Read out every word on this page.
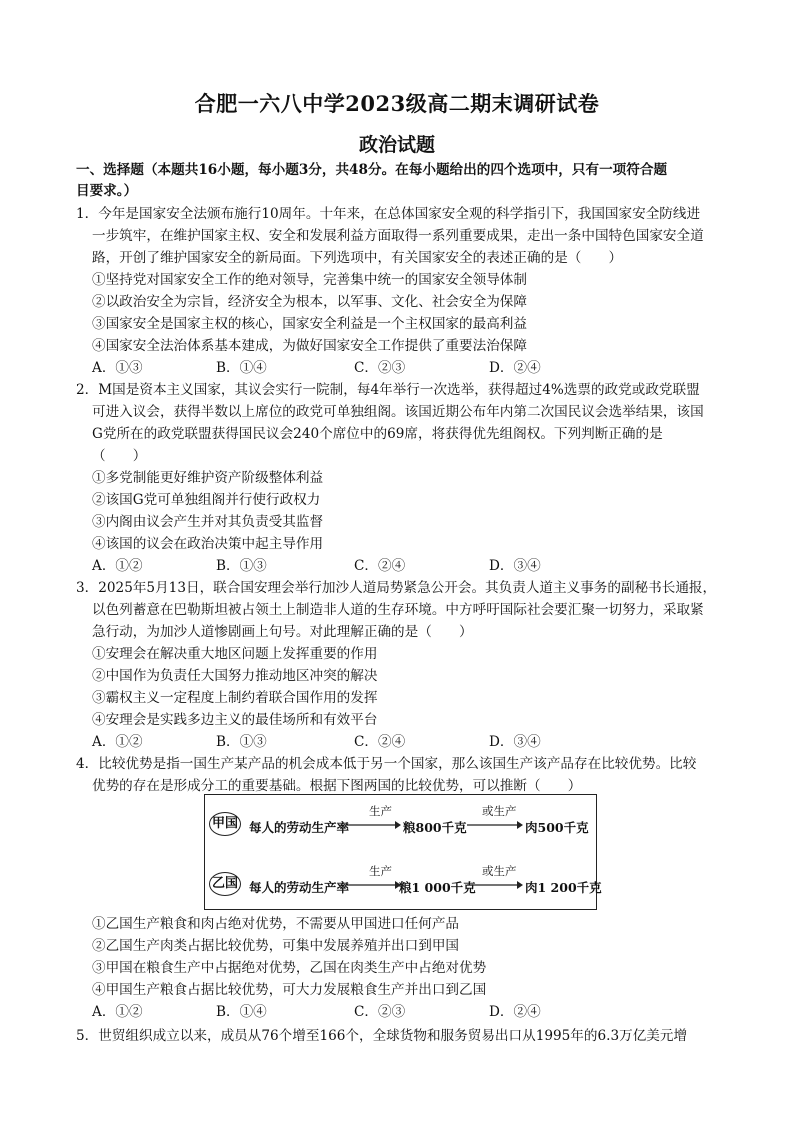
合肥一六八中学2023级高二期末调研试卷
政治试题
一、选择题（本题共16小题，每小题3分，共48分。在每小题给出的四个选项中，只有一项符合题
目要求。）
1．今年是国家安全法颁布施行10周年。十年来，在总体国家安全观的科学指引下，我国国家安全防线进
一步筑牢，在维护国家主权、安全和发展利益方面取得一系列重要成果，走出一条中国特色国家安全道
路，开创了维护国家安全的新局面。下列选项中，有关国家安全的表述正确的是（　　）
①坚持党对国家安全工作的绝对领导，完善集中统一的国家安全领导体制
②以政治安全为宗旨，经济安全为根本，以军事、文化、社会安全为保障
③国家安全是国家主权的核心，国家安全利益是一个主权国家的最高利益
④国家安全法治体系基本建成，为做好国家安全工作提供了重要法治保障
A．①③	B．①④	C．②③	D．②④
2．M国是资本主义国家，其议会实行一院制，每4年举行一次选举，获得超过4%选票的政党或政党联盟
可进入议会，获得半数以上席位的政党可单独组阁。该国近期公布年内第二次国民议会选举结果，该国
G党所在的政党联盟获得国民议会240个席位中的69席，将获得优先组阁权。下列判断正确的是
（　　）
①多党制能更好维护资产阶级整体利益
②该国G党可单独组阁并行使行政权力
③内阁由议会产生并对其负责受其监督
④该国的议会在政治决策中起主导作用
A．①②	B．①③	C．②④	D．③④
3．2025年5月13日，联合国安理会举行加沙人道局势紧急公开会。其负责人道主义事务的副秘书长通报，
以色列蓄意在巴勒斯坦被占领土上制造非人道的生存环境。中方呼吁国际社会要汇聚一切努力，采取紧
急行动，为加沙人道惨剧画上句号。对此理解正确的是（　　）
①安理会在解决重大地区问题上发挥重要的作用
②中国作为负责任大国努力推动地区冲突的解决
③霸权主义一定程度上制约着联合国作用的发挥
④安理会是实践多边主义的最佳场所和有效平台
A．①②	B．①③	C．②④	D．③④
4．比较优势是指一国生产某产品的机会成本低于另一个国家，那么该国生产该产品存在比较优势。比较
优势的存在是形成分工的重要基础。根据下图两国的比较优势，可以推断（　　）
甲国 每人的劳动生产率
生产
粮800千克
或生产
肉500千克
乙国 每人的劳动生产率
生产
粮1 000千克
或生产
肉1 200千克
①乙国生产粮食和肉占绝对优势，不需要从甲国进口任何产品
②乙国生产肉类占据比较优势，可集中发展养殖并出口到甲国
③甲国在粮食生产中占据绝对优势，乙国在肉类生产中占绝对优势
④甲国生产粮食占据比较优势，可大力发展粮食生产并出口到乙国
A．①②	B．①④	C．②③	D．②④
5．世贸组织成立以来，成员从76个增至166个，全球货物和服务贸易出口从1995年的6.3万亿美元增
